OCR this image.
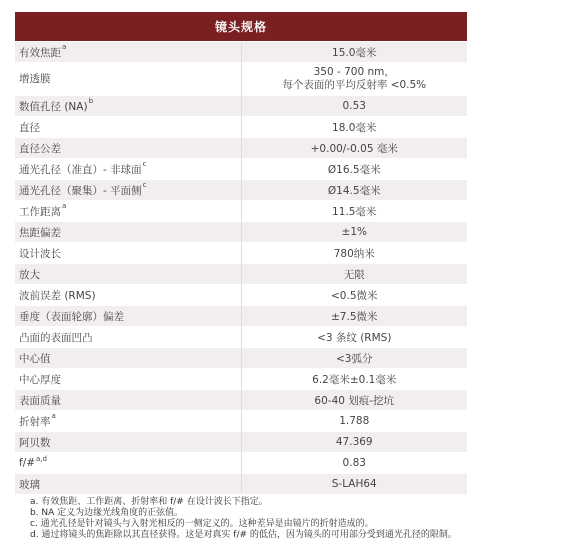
镜头规格	
有效焦距$^a$	15.0毫米

增透膜	350 - 700 nm，
每个表面的平均反射率 <0.5%

数值孔径 (NA)$^b$	0.53

直径	18.0毫米

直径公差	+0.00/-0.05 毫米

通光孔径（准直）- 非球面$^c$	Ø16.5毫米

通光孔径（聚集）- 平面侧$^c$	Ø14.5毫米

工作距离$^a$	11.5毫米

焦距偏差	±1%

设计波长	780纳米

放大	无限

波前误差 (RMS)	<0.5微米

垂度（表面轮廓）偏差	±7.5微米

凸面的表面凹凸	<3 条纹 (RMS)

中心值	<3弧分

中心厚度	6.2毫米±0.1毫米

表面质量	60-40 划痕-挖坑

折射率$^a$	1.788

阿贝数	47.369

f/#$^{a,d}$	0.83

玻璃	S-LAH64
a. 有效焦距、工作距离、折射率和 f/# 在设计波长下指定。
b. NA 定义为边缘光线角度的正弦值。
c. 通光孔径是针对镜头与入射光相反的一侧定义的。这种差异是由镜片的折射造成的。
d. 通过将镜头的焦距除以其直径获得。这是对真实 f/# 的低估，因为镜头的可用部分受到通光孔径的限制。
